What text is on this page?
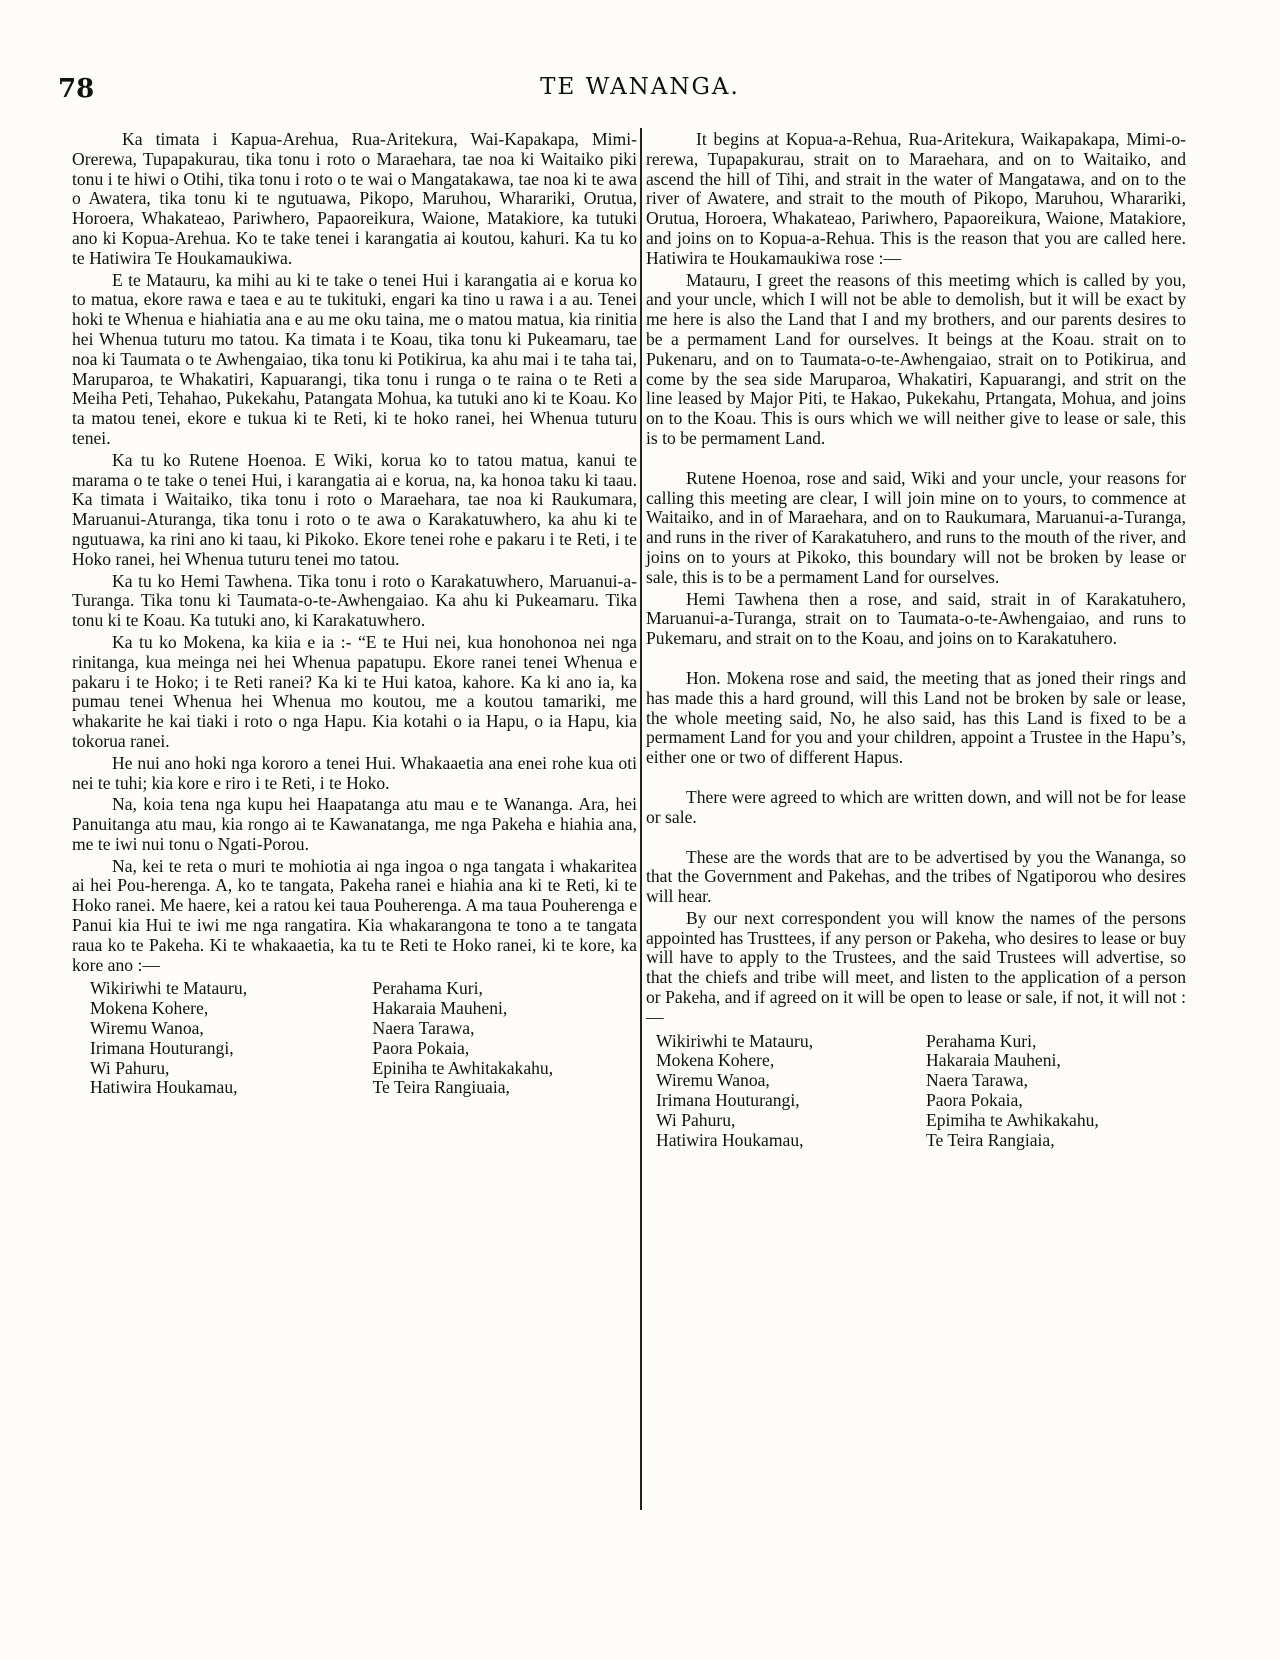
78	TE WANANGA.

Ka timata i Kapua-Arehua, Rua-Aritekura, Wai-Kapakapa, Mimi-Orerewa, Tupapakurau, tika tonu i roto o Maraehara, tae noa ki Waitaiko piki tonu i te hiwi o Otihi, tika tonu i roto o te wai o Mangatakawa, tae noa ki te awa o Awatera, tika tonu ki te ngutuawa, Pikopo, Maruhou, Wharariki, Orutua, Horoera, Whakateao, Pariwhero, Papaoreikura, Waione, Matakiore, ka tutuki ano ki Kopua-Arehua. Ko te take tenei i karangatia ai koutou, kahuri. Ka tu ko te Hatiwira Te Houkamaukiwa.

E te Matauru, ka mihi au ki te take o tenei Hui i karangatia ai e korua ko to matua, ekore rawa e taea e au te tukituki, engari ka tino u rawa i a au. Tenei hoki te Whenua e hiahiatia ana e au me oku taina, me o matou matua, kia rinitia hei Whenua tuturu mo tatou. Ka timata i te Koau, tika tonu ki Pukeamaru, tae noa ki Taumata o te Awhengaiao, tika tonu ki Potikirua, ka ahu mai i te taha tai, Maruparoa, te Whakatiri, Kapuarangi, tika tonu i runga o te raina o te Reti a Meiha Peti, Tehahao, Pukekahu, Patangata Mohua, ka tutuki ano ki te Koau. Ko ta matou tenei, ekore e tukua ki te Reti, ki te hoko ranei, hei Whenua tuturu tenei.

Ka tu ko Rutene Hoenoa. E Wiki, korua ko to tatou matua, kanui te marama o te take o tenei Hui, i karangatia ai e korua, na, ka honoa taku ki taau. Ka timata i Waitaiko, tika tonu i roto o Maraehara, tae noa ki Raukumara, Maruanui-Aturanga, tika tonu i roto o te awa o Karakatuwhero, ka ahu ki te ngutuawa, ka rini ano ki taau, ki Pikoko. Ekore tenei rohe e pakaru i te Reti, i te Hoko ranei, hei Whenua tuturu tenei mo tatou.

Ka tu ko Hemi Tawhena. Tika tonu i roto o Karakatuwhero, Maruanui-a-Turanga. Tika tonu ki Taumata-o-te-Awhengaiao. Ka ahu ki Pukeamaru. Tika tonu ki te Koau. Ka tutuki ano, ki Karakatuwhero.

Ka tu ko Mokena, ka kiia e ia :- “E te Hui nei, kua honohonoa nei nga rinitanga, kua meinga nei hei Whenua papatupu. Ekore ranei tenei Whenua e pakaru i te Hoko; i te Reti ranei? Ka ki te Hui katoa, kahore. Ka ki ano ia, ka pumau tenei Whenua hei Whenua mo koutou, me a koutou tamariki, me whakarite he kai tiaki i roto o nga Hapu. Kia kotahi o ia Hapu, o ia Hapu, kia tokorua ranei.

He nui ano hoki nga kororo a tenei Hui. Whakaaetia ana enei rohe kua oti nei te tuhi; kia kore e riro i te Reti, i te Hoko.

Na, koia tena nga kupu hei Haapatanga atu mau e te Wananga. Ara, hei Panuitanga atu mau, kia rongo ai te Kawanatanga, me nga Pakeha e hiahia ana, me te iwi nui tonu o Ngati-Porou.

Na, kei te reta o muri te mohiotia ai nga ingoa o nga tangata i whakaritea ai hei Pou-herenga. A, ko te tangata, Pakeha ranei e hiahia ana ki te Reti, ki te Hoko ranei. Me haere, kei a ratou kei taua Pouherenga. A ma taua Pouherenga e Panui kia Hui te iwi me nga rangatira. Kia whakarangona te tono a te tangata raua ko te Pakeha. Ki te whakaaetia, ka tu te Reti te Hoko ranei, ki te kore, ka kore ano :—

Wikiriwhi te Matauru,
Mokena Kohere,
Wiremu Wanoa,
Irimana Houturangi,
Wi Pahuru,
Hatiwira Houkamau,
Perahama Kuri,
Hakaraia Mauheni,
Naera Tarawa,
Paora Pokaia,
Epiniha te Awhitakakahu,
Te Teira Rangiuaia,

It begins at Kopua-a-Rehua, Rua-Aritekura, Waikapakapa, Mimi-o-rerewa, Tupapakurau, strait on to Maraehara, and on to Waitaiko, and ascend the hill of Tihi, and strait in the water of Mangatawa, and on to the river of Awatere, and strait to the mouth of Pikopo, Maruhou, Wharariki, Orutua, Horoera, Whakateao, Pariwhero, Papaoreikura, Waione, Matakiore, and joins on to Kopua-a-Rehua. This is the reason that you are called here. Hatiwira te Houkamaukiwa rose :—

Matauru, I greet the reasons of this meetimg which is called by you, and your uncle, which I will not be able to demolish, but it will be exact by me here is also the Land that I and my brothers, and our parents desires to be a permament Land for ourselves. It beings at the Koau. strait on to Pukenaru, and on to Taumata-o-te-Awhengaiao, strait on to Potikirua, and come by the sea side Maruparoa, Whakatiri, Kapuarangi, and strit on the line leased by Major Piti, te Hakao, Pukekahu, Prtangata, Mohua, and joins on to the Koau. This is ours which we will neither give to lease or sale, this is to be permament Land.

Rutene Hoenoa, rose and said, Wiki and your uncle, your reasons for calling this meeting are clear, I will join mine on to yours, to commence at Waitaiko, and in of Maraehara, and on to Raukumara, Maruanui-a-Turanga, and runs in the river of Karakatuhero, and runs to the mouth of the river, and joins on to yours at Pikoko, this boundary will not be broken by lease or sale, this is to be a permament Land for ourselves.

Hemi Tawhena then a rose, and said, strait in of Karakatuhero, Maruanui-a-Turanga, strait on to Taumata-o-te-Awhengaiao, and runs to Pukemaru, and strait on to the Koau, and joins on to Karakatuhero.

Hon. Mokena rose and said, the meeting that as joned their rings and has made this a hard ground, will this Land not be broken by sale or lease, the whole meeting said, No, he also said, has this Land is fixed to be a permament Land for you and your children, appoint a Trustee in the Hapu’s, either one or two of different Hapus.

There were agreed to which are written down, and will not be for lease or sale.

These are the words that are to be advertised by you the Wananga, so that the Government and Pakehas, and the tribes of Ngatiporou who desires will hear.

By our next correspondent you will know the names of the persons appointed has Trusttees, if any person or Pakeha, who desires to lease or buy will have to apply to the Trustees, and the said Trustees will advertise, so that the chiefs and tribe will meet, and listen to the application of a person or Pakeha, and if agreed on it will be open to lease or sale, if not, it will not :—

Wikiriwhi te Matauru,
Mokena Kohere,
Wiremu Wanoa,
Irimana Houturangi,
Wi Pahuru,
Hatiwira Houkamau,
Perahama Kuri,
Hakaraia Mauheni,
Naera Tarawa,
Paora Pokaia,
Epimiha te Awhikakahu,
Te Teira Rangiaia,
